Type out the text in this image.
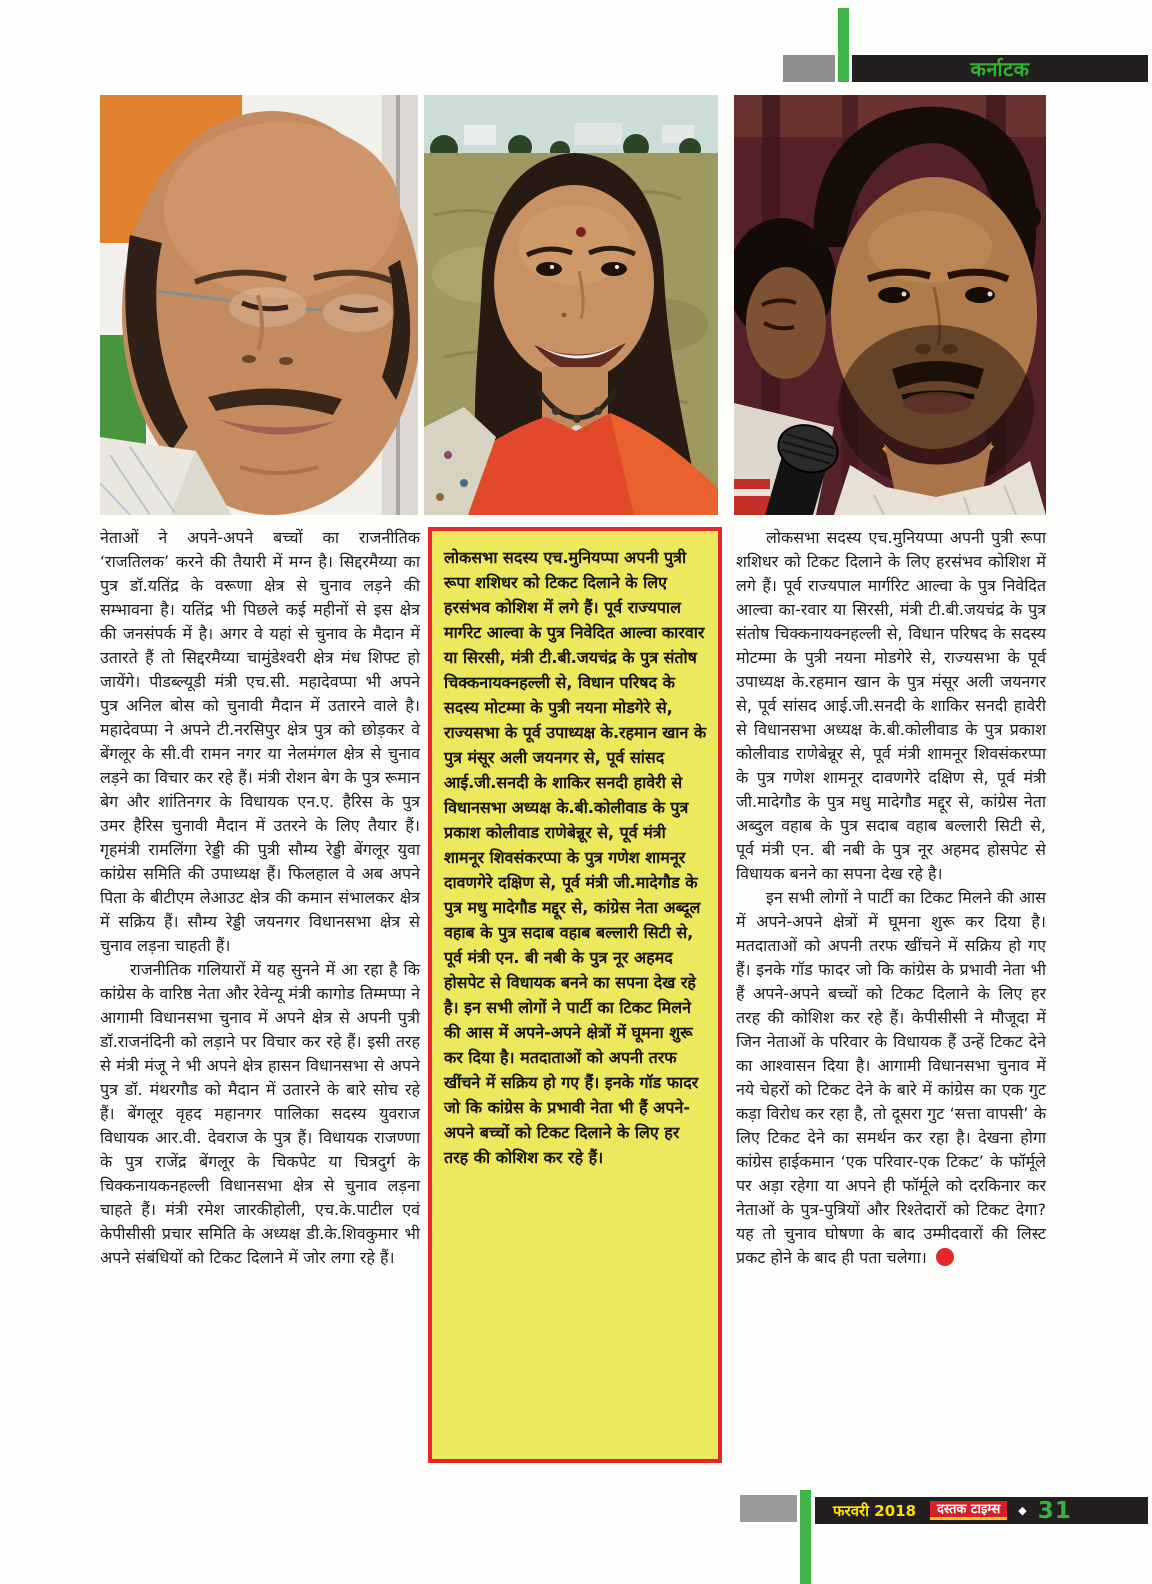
कर्नाटक

नेताओं ने अपने-अपने बच्चों का राजनीतिक ‘राजतिलक’ करने की तैयारी में मग्न है। सिद्दरमैय्या का पुत्र डॉ.यतिंद्र के वरूणा क्षेत्र से चुनाव लड़ने की सम्भावना है। यतिंद्र भी पिछले कई महीनों से इस क्षेत्र की जनसंपर्क में है। अगर वे यहां से चुनाव के मैदान में उतारते हैं तो सिद्दरमैय्या चामुंडेश्वरी क्षेत्र मंध शिफ्ट हो जायेंगे। पीडब्ल्यूडी मंत्री एच.सी. महादेवप्पा भी अपने पुत्र अनिल बोस को चुनावी मैदान में उतारने वाले है। महादेवप्पा ने अपने टी.नरसिपुर क्षेत्र पुत्र को छोड़कर वे बेंगलूर के सी.वी रामन नगर या नेलमंगल क्षेत्र से चुनाव लड़ने का विचार कर रहे हैं। मंत्री रोशन बेग के पुत्र रूमान बेग और शांतिनगर के विधायक एन.ए. हैरिस के पुत्र उमर हैरिस चुनावी मैदान में उतरने के लिए तैयार हैं। गृहमंत्री रामलिंगा रेड्डी की पुत्री सौम्य रेड्डी बेंगलूर युवा कांग्रेस समिति की उपाध्यक्ष हैं। फिलहाल वे अब अपने पिता के बीटीएम लेआउट क्षेत्र की कमान संभालकर क्षेत्र में सक्रिय हैं। सौम्य रेड्डी जयनगर विधानसभा क्षेत्र से चुनाव लड़ना चाहती हैं।

राजनीतिक गलियारों में यह सुनने में आ रहा है कि कांग्रेस के वारिष्ठ नेता और रेवेन्यू मंत्री कागोड तिम्मप्पा ने आगामी विधानसभा चुनाव में अपने क्षेत्र से अपनी पुत्री डॉ.राजनंदिनी को लड़ाने पर विचार कर रहे हैं। इसी तरह से मंत्री मंजू ने भी अपने क्षेत्र हासन विधानसभा से अपने पुत्र डॉ. मंथरगौड को मैदान में उतारने के बारे सोच रहे हैं। बेंगलूर वृहद महानगर पालिका सदस्य युवराज विधायक आर.वी. देवराज के पुत्र हैं। विधायक राजण्णा के पुत्र राजेंद्र बेंगलूर के चिकपेट या चित्रदुर्ग के चिक्कनायकनहल्ली विधानसभा क्षेत्र से चुनाव लड़ना चाहते हैं। मंत्री रमेश जारकीहोली, एच.के.पाटील एवं केपीसीसी प्रचार समिति के अध्यक्ष डी.के.शिवकुमार भी अपने संबंधियों को टिकट दिलाने में जोर लगा रहे हैं।

लोकसभा सदस्य एच.मुनियप्पा अपनी पुत्री रूपा शशिधर को टिकट दिलाने के लिए हरसंभव कोशिश में लगे हैं। पूर्व राज्यपाल मार्गरेट आल्वा के पुत्र निवेदित आल्वा कारवार या सिरसी, मंत्री टी.बी.जयचंद्र के पुत्र संतोष चिक्कनायक्नहल्ली से, विधान परिषद के सदस्य मोटम्मा के पुत्री नयना मोडगेरे से, राज्यसभा के पूर्व उपाध्यक्ष के.रहमान खान के पुत्र मंसूर अली जयनगर से, पूर्व सांसद आई.जी.सनदी के शाकिर सनदी हावेरी से विधानसभा अध्यक्ष के.बी.कोलीवाड के पुत्र प्रकाश कोलीवाड राणेबेन्नूर से, पूर्व मंत्री शामनूर शिवसंकरप्पा के पुत्र गणेश शामनूर दावणगेरे दक्षिण से, पूर्व मंत्री जी.मादेगौड के पुत्र मधु मादेगौड मद्दूर से, कांग्रेस नेता अब्दूल वहाब के पुत्र सदाब वहाब बल्लारी सिटी से, पूर्व मंत्री एन. बी नबी के पुत्र नूर अहमद होसपेट से विधायक बनने का सपना देख रहे है। इन सभी लोगों ने पार्टी का टिकट मिलने की आस में अपने-अपने क्षेत्रों में घूमना शुरू कर दिया है। मतदाताओं को अपनी तरफ खींचने में सक्रिय हो गए हैं। इनके गॉड फादर जो कि कांग्रेस के प्रभावी नेता भी हैं अपने-अपने बच्चों को टिकट दिलाने के लिए हर तरह की कोशिश कर रहे हैं।

लोकसभा सदस्य एच.मुनियप्पा अपनी पुत्री रूपा शशिधर को टिकट दिलाने के लिए हरसंभव कोशिश में लगे हैं। पूर्व राज्यपाल मार्गरिट आल्वा के पुत्र निवेदित आल्वा का-रवार या सिरसी, मंत्री टी.बी.जयचंद्र के पुत्र संतोष चिक्कनायक्नहल्ली से, विधान परिषद के सदस्य मोटम्मा के पुत्री नयना मोडगेरे से, राज्यसभा के पूर्व उपाध्यक्ष के.रहमान खान के पुत्र मंसूर अली जयनगर से, पूर्व सांसद आई.जी.सनदी के शाकिर सनदी हावेरी से विधानसभा अध्यक्ष के.बी.कोलीवाड के पुत्र प्रकाश कोलीवाड राणेबेन्नूर से, पूर्व मंत्री शामनूर शिवसंकरप्पा के पुत्र गणेश शामनूर दावणगेरे दक्षिण से, पूर्व मंत्री जी.मादेगौड के पुत्र मधु मादेगौड मद्दूर से, कांग्रेस नेता अब्दुल वहाब के पुत्र सदाब वहाब बल्लारी सिटी से, पूर्व मंत्री एन. बी नबी के पुत्र नूर अहमद होसपेट से विधायक बनने का सपना देख रहे है।

इन सभी लोगों ने पार्टी का टिकट मिलने की आस में अपने-अपने क्षेत्रों में घूमना शुरू कर दिया है। मतदाताओं को अपनी तरफ खींचने में सक्रिय हो गए हैं। इनके गॉड फादर जो कि कांग्रेस के प्रभावी नेता भी हैं अपने-अपने बच्चों को टिकट दिलाने के लिए हर तरह की कोशिश कर रहे हैं। केपीसीसी ने मौजूदा में जिन नेताओं के परिवार के विधायक हैं उन्हें टिकट देने का आश्वासन दिया है। आगामी विधानसभा चुनाव में नये चेहरों को टिकट देने के बारे में कांग्रेस का एक गुट कड़ा विरोध कर रहा है, तो दूसरा गुट ‘सत्ता वापसी’ के लिए टिकट देने का समर्थन कर रहा है। देखना होगा कांग्रेस हाईकमान ‘एक परिवार-एक टिकट’ के फॉर्मूले पर अड़ा रहेगा या अपने ही फॉर्मूले को दरकिनार कर नेताओं के पुत्र-पुत्रियों और रिश्तेदारों को टिकट देगा? यह तो चुनाव घोषणा के बाद उम्मीदवारों की लिस्ट प्रकट होने के बाद ही पता चलेगा।

फरवरी 2018	दस्तक टाइम्स	◆ 31
